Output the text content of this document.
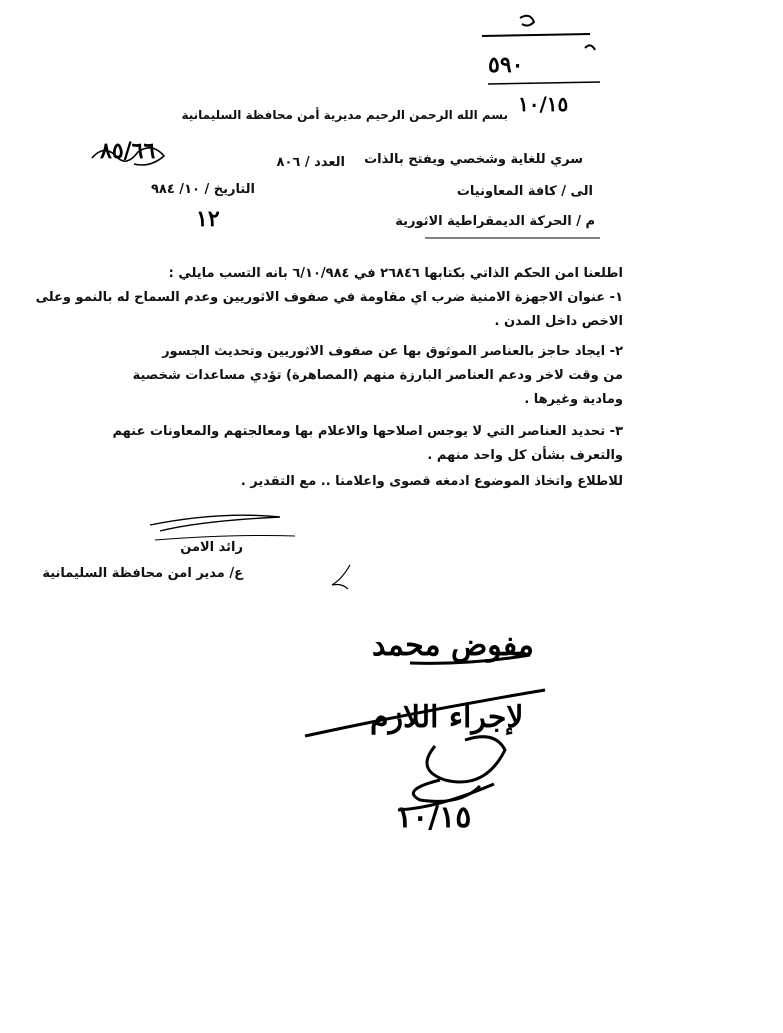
٥٩٠
١٠/١٥
بسم الله الرحمن الرحيم مديرية أمن محافظة السليمانية
العدد / ٨٠٦
٨٥/٦٦
التاريخ / ١٠/ ٩٨٤
١٢
سري للغاية وشخصي ويفتح بالذات
الى / كافة المعاونيات
م / الحركة الديمقراطية الاثورية
اطلعنا امن الحكم الذاتي بكتابها ٢٦٨٤٦ في ٦/١٠/٩٨٤ بانه التسب مايلي :
١- عنوان الاجهزة الامنية ضرب اي مقاومة في صفوف الاثوريين وعدم السماح له بالنمو وعلى
الاخص داخل المدن .
٢- ايجاد حاجز بالعناصر الموثوق بها عن صفوف الاثوريين وتحديث الجسور
من وقت لاخر ودعم العناصر البارزة منهم (المصاهرة) تؤدي مساعدات شخصية
ومادية وغيرها .
٣- تحديد العناصر التي لا يوجس اصلاحها والاعلام بها ومعالجتهم والمعاونات عنهم
والتعرف بشأن كل واحد منهم .
للاطلاع واتخاذ الموضوع ادمغه قصوى واعلامنا .. مع التقدير .
رائد الامن
ع/ مدير امن محافظة السليمانية
مفوض محمد
لإجراء اللازم
١٠/١٥
